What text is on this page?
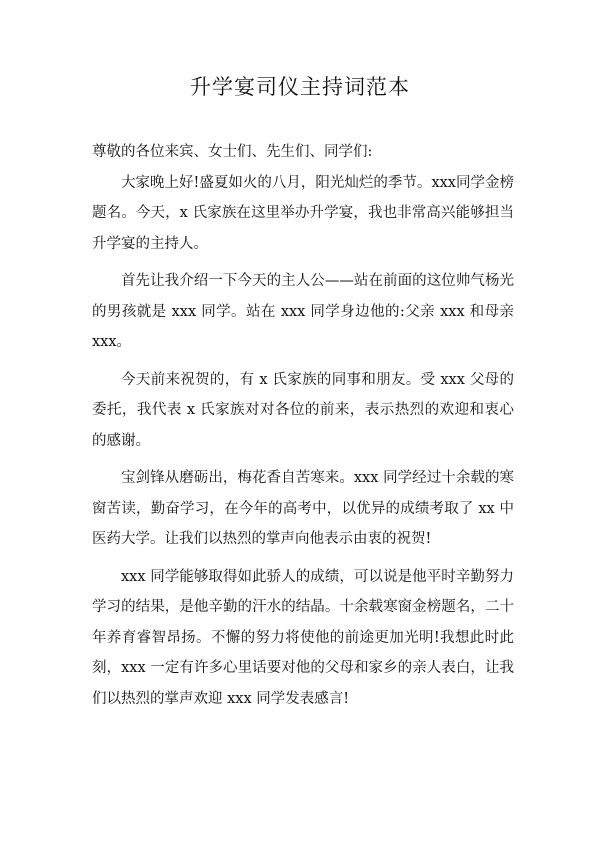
升学宴司仪主持词范本

尊敬的各位来宾、女士们、先生们、同学们:

大家晚上好!盛夏如火的八月，阳光灿烂的季节。xxx同学金榜题名。今天，x 氏家族在这里举办升学宴，我也非常高兴能够担当升学宴的主持人。

首先让我介绍一下今天的主人公——站在前面的这位帅气杨光的男孩就是 xxx 同学。站在 xxx 同学身边他的:父亲 xxx 和母亲 xxx。

今天前来祝贺的，有 x 氏家族的同事和朋友。受 xxx 父母的委托，我代表 x 氏家族对对各位的前来，表示热烈的欢迎和衷心的感谢。

宝剑锋从磨砺出，梅花香自苦寒来。xxx 同学经过十余载的寒窗苦读，勤奋学习，在今年的高考中，以优异的成绩考取了 xx 中医药大学。让我们以热烈的掌声向他表示由衷的祝贺!

xxx 同学能够取得如此骄人的成绩，可以说是他平时辛勤努力学习的结果，是他辛勤的汗水的结晶。十余载寒窗金榜题名，二十年养育睿智昂扬。不懈的努力将使他的前途更加光明!我想此时此刻，xxx 一定有许多心里话要对他的父母和家乡的亲人表白，让我们以热烈的掌声欢迎 xxx 同学发表感言!
